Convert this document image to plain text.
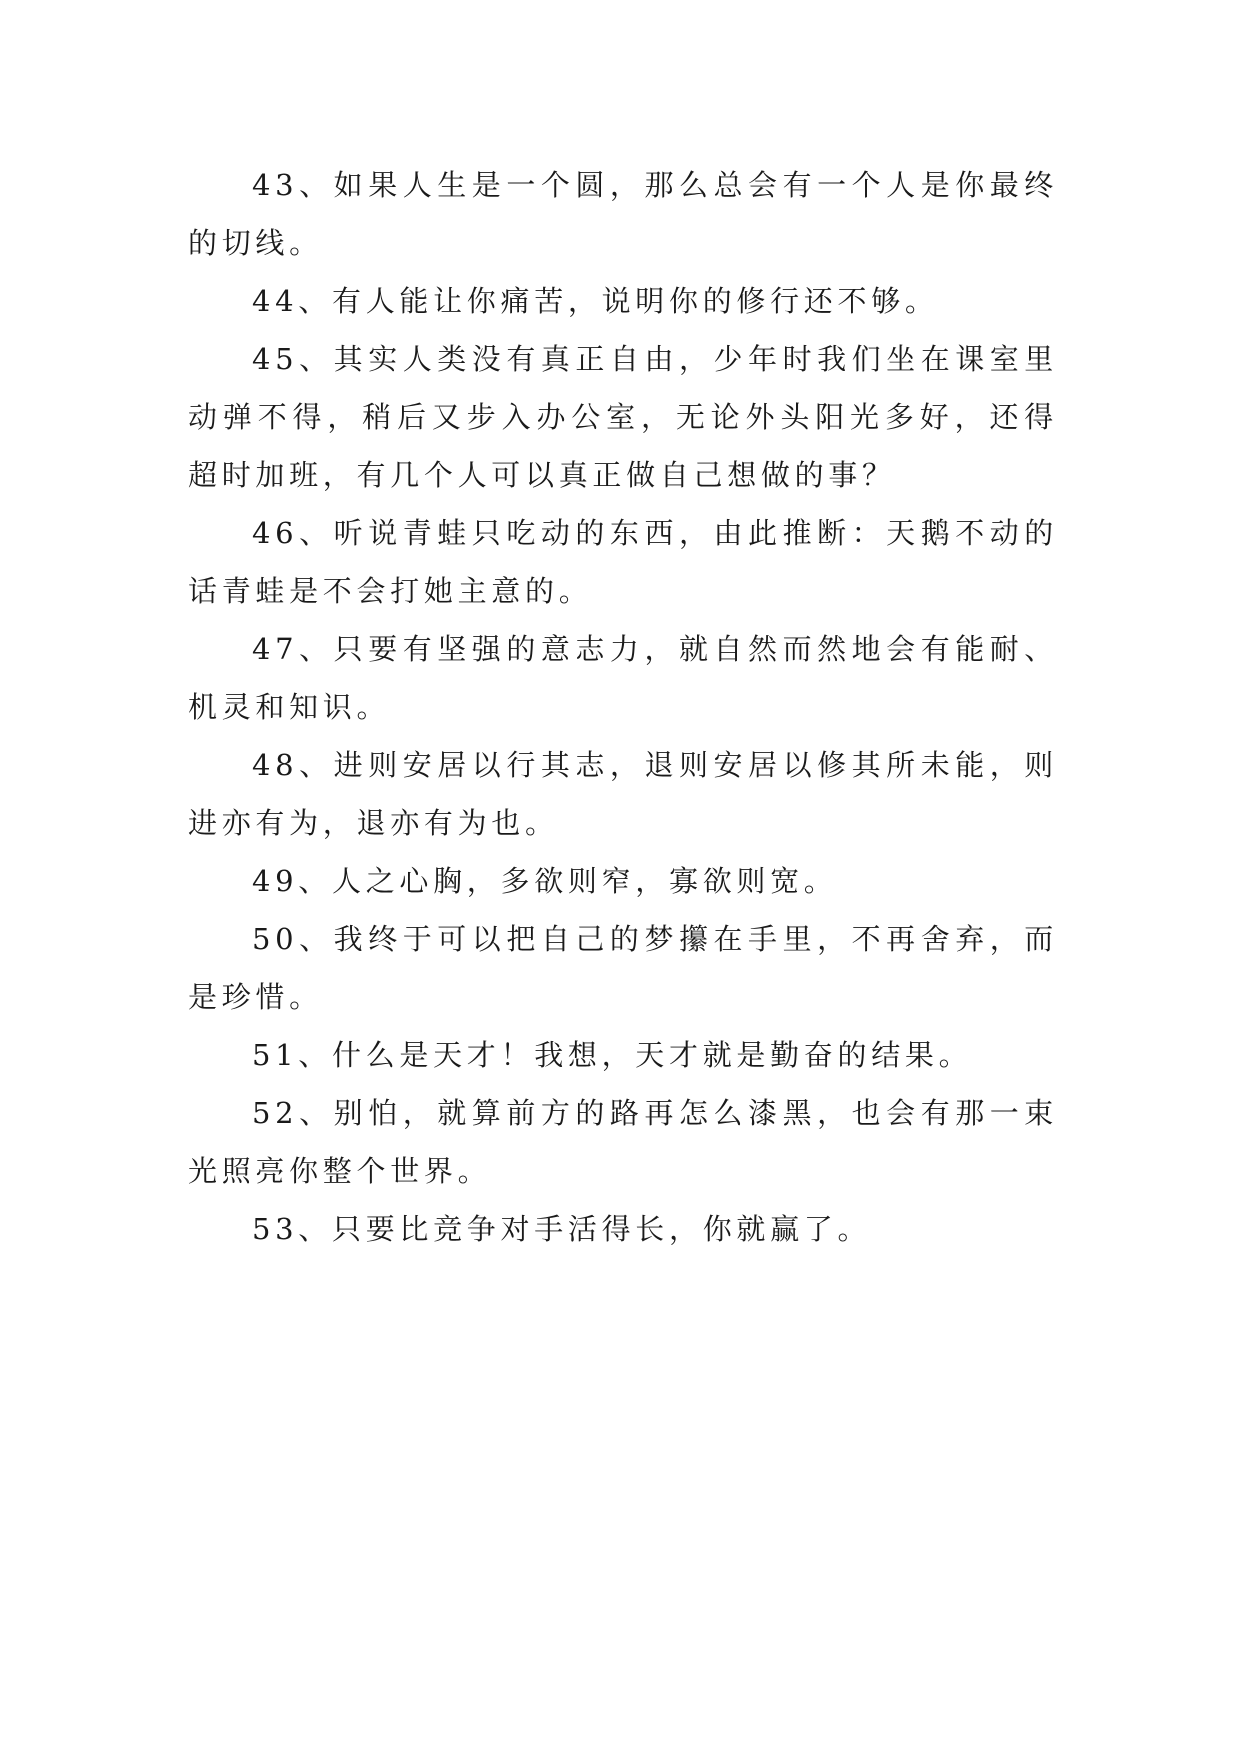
43、如果人生是一个圆，那么总会有一个人是你最终的切线。

44、有人能让你痛苦，说明你的修行还不够。

45、其实人类没有真正自由，少年时我们坐在课室里动弹不得，稍后又步入办公室，无论外头阳光多好，还得超时加班，有几个人可以真正做自己想做的事？

46、听说青蛙只吃动的东西，由此推断：天鹅不动的话青蛙是不会打她主意的。

47、只要有坚强的意志力，就自然而然地会有能耐、机灵和知识。

48、进则安居以行其志，退则安居以修其所未能，则进亦有为，退亦有为也。

49、人之心胸，多欲则窄，寡欲则宽。

50、我终于可以把自己的梦攥在手里，不再舍弃，而是珍惜。

51、什么是天才！我想，天才就是勤奋的结果。

52、别怕，就算前方的路再怎么漆黑，也会有那一束光照亮你整个世界。

53、只要比竞争对手活得长，你就赢了。
